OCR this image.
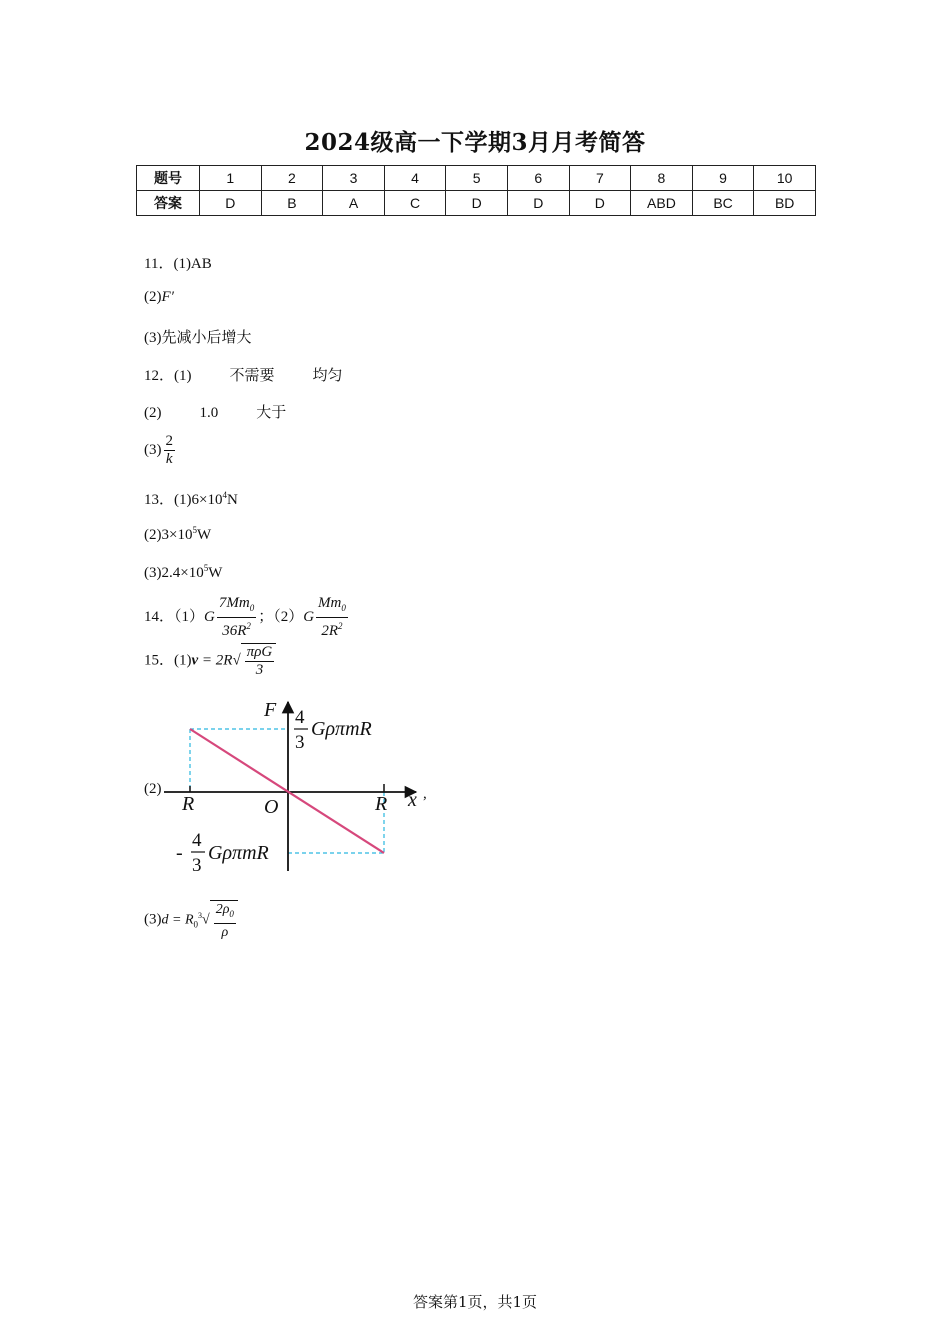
2024级高一下学期3月月考简答
题号	1	2	3	4	5	6	7	8	9	10
答案	D	B	A	C	D	D	D	ABD	BC	BD
11．(1)AB
(2)F′
(3)先减小后增大
12．(1)	不需要	均匀
(2)	1.0	大于
$(3) \frac{2}{k}$
13．$(1)6\times 10^4N$
$(2)3\times 10^5W$
$(3)2.4\times 10^5W$
14．$(1)G \frac{7Mm_0}{36R^2}$ ；$(2)G \frac{Mm_0}{2R^2}$
15．$(1)v = 2R√ \frac{\text{πρG}}{3}$
(2)	,
F
x
O
R	R
4
3
GρπmR
-
4
3
GρπmR
$(3)d = R_0^3√ \frac{2\rho_0}{\rho}$
答案第1页，共1页
